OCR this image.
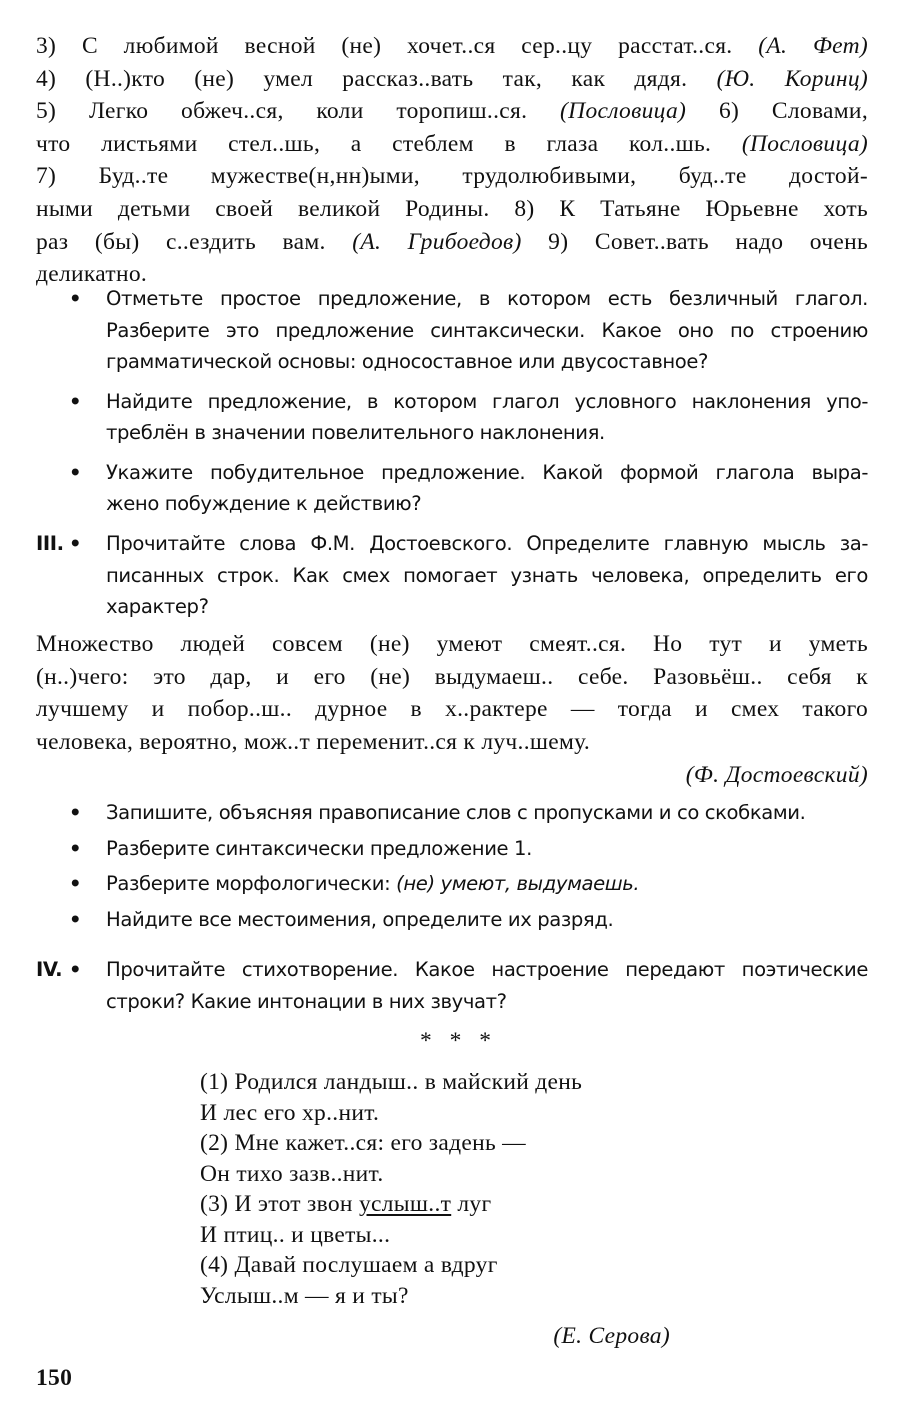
3) С любимой весной (не) хочет..ся сер..цу расстат..ся. (А. Фет)
4) (Н..)кто (не) умел рассказ..вать так, как дядя. (Ю. Коринц)
5) Легко обжеч..ся, коли торопиш..ся. (Пословица) 6) Словами,
что листьями стел..шь, а стеблем в глаза кол..шь. (Пословица)
7) Буд..те мужестве(н,нн)ыми, трудолюбивыми, буд..те достой-
ными детьми своей великой Родины. 8) К Татьяне Юрьевне хоть
раз (бы) с..ездить вам. (А. Грибоедов) 9) Совет..вать надо очень
деликатно.
• Отметьте простое предложение, в котором есть безличный глагол.
Разберите это предложение синтаксически. Какое оно по строению
грамматической основы: односоставное или двусоставное?
• Найдите предложение, в котором глагол условного наклонения упо-
треблён в значении повелительного наклонения.
• Укажите побудительное предложение. Какой формой глагола выра-
жено побуждение к действию?
III. • Прочитайте слова Ф.М. Достоевского. Определите главную мысль за-
писанных строк. Как смех помогает узнать человека, определить его
характер?
Множество людей совсем (не) умеют смеят..ся. Но тут и уметь
(н..)чего: это дар, и его (не) выдумаеш.. себе. Разовьёш.. себя к
лучшему и побор..ш.. дурное в х..рактере — тогда и смех такого
человека, вероятно, мож..т переменит..ся к луч..шему.
(Ф. Достоевский)
• Запишите, объясняя правописание слов с пропусками и со скобками.
• Разберите синтаксически предложение 1.
• Разберите морфологически: (не) умеют, выдумаешь.
• Найдите все местоимения, определите их разряд.
IV. • Прочитайте стихотворение. Какое настроение передают поэтические
строки? Какие интонации в них звучат?
* * *
(1) Родился ландыш.. в майский день
И лес его хр..нит.
(2) Мне кажет..ся: его задень —
Он тихо зазв..нит.
(3) И этот звон услыш..т луг
И птиц.. и цветы...
(4) Давай послушаем а вдруг
Услыш..м — я и ты?
(Е. Серова)
150
